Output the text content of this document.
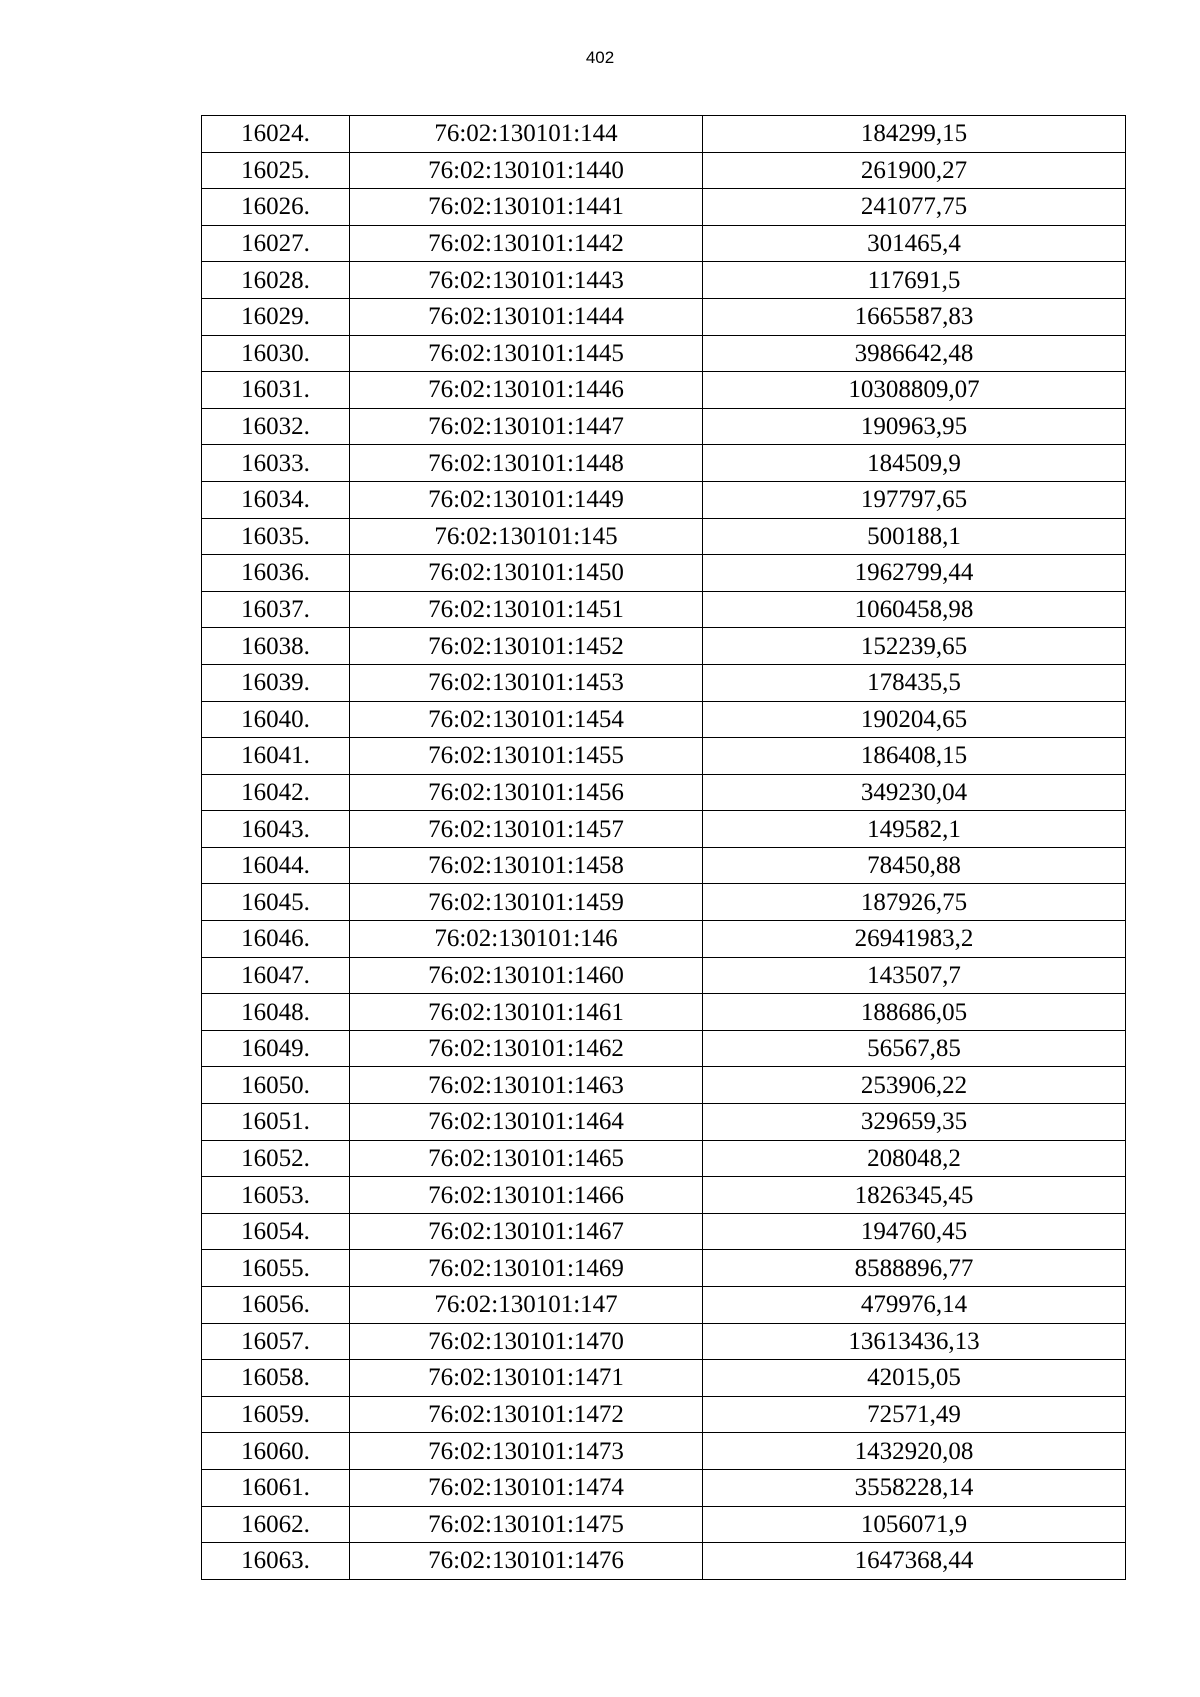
402
16024.	76:02:130101:144	184299,15
16025.	76:02:130101:1440	261900,27
16026.	76:02:130101:1441	241077,75
16027.	76:02:130101:1442	301465,4
16028.	76:02:130101:1443	117691,5
16029.	76:02:130101:1444	1665587,83
16030.	76:02:130101:1445	3986642,48
16031.	76:02:130101:1446	10308809,07
16032.	76:02:130101:1447	190963,95
16033.	76:02:130101:1448	184509,9
16034.	76:02:130101:1449	197797,65
16035.	76:02:130101:145	500188,1
16036.	76:02:130101:1450	1962799,44
16037.	76:02:130101:1451	1060458,98
16038.	76:02:130101:1452	152239,65
16039.	76:02:130101:1453	178435,5
16040.	76:02:130101:1454	190204,65
16041.	76:02:130101:1455	186408,15
16042.	76:02:130101:1456	349230,04
16043.	76:02:130101:1457	149582,1
16044.	76:02:130101:1458	78450,88
16045.	76:02:130101:1459	187926,75
16046.	76:02:130101:146	26941983,2
16047.	76:02:130101:1460	143507,7
16048.	76:02:130101:1461	188686,05
16049.	76:02:130101:1462	56567,85
16050.	76:02:130101:1463	253906,22
16051.	76:02:130101:1464	329659,35
16052.	76:02:130101:1465	208048,2
16053.	76:02:130101:1466	1826345,45
16054.	76:02:130101:1467	194760,45
16055.	76:02:130101:1469	8588896,77
16056.	76:02:130101:147	479976,14
16057.	76:02:130101:1470	13613436,13
16058.	76:02:130101:1471	42015,05
16059.	76:02:130101:1472	72571,49
16060.	76:02:130101:1473	1432920,08
16061.	76:02:130101:1474	3558228,14
16062.	76:02:130101:1475	1056071,9
16063.	76:02:130101:1476	1647368,44
